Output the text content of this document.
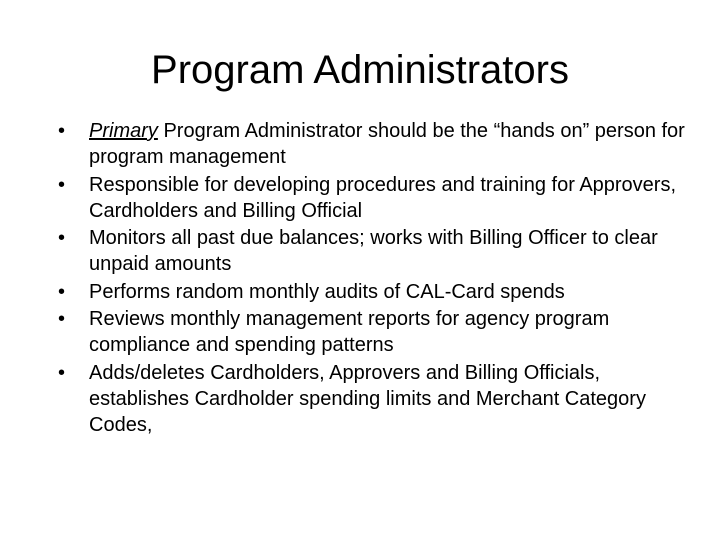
Program Administrators
•	Primary Program Administrator should be the “hands on” person for program management
•	Responsible for developing procedures and training for Approvers, Cardholders and Billing Official
•	Monitors all past due balances; works with Billing Officer to clear unpaid amounts
•	Performs random monthly audits of CAL-Card spends
•	Reviews monthly management reports for agency program compliance and spending patterns
•	Adds/deletes Cardholders, Approvers and Billing Officials, establishes Cardholder spending limits and Merchant Category Codes,
